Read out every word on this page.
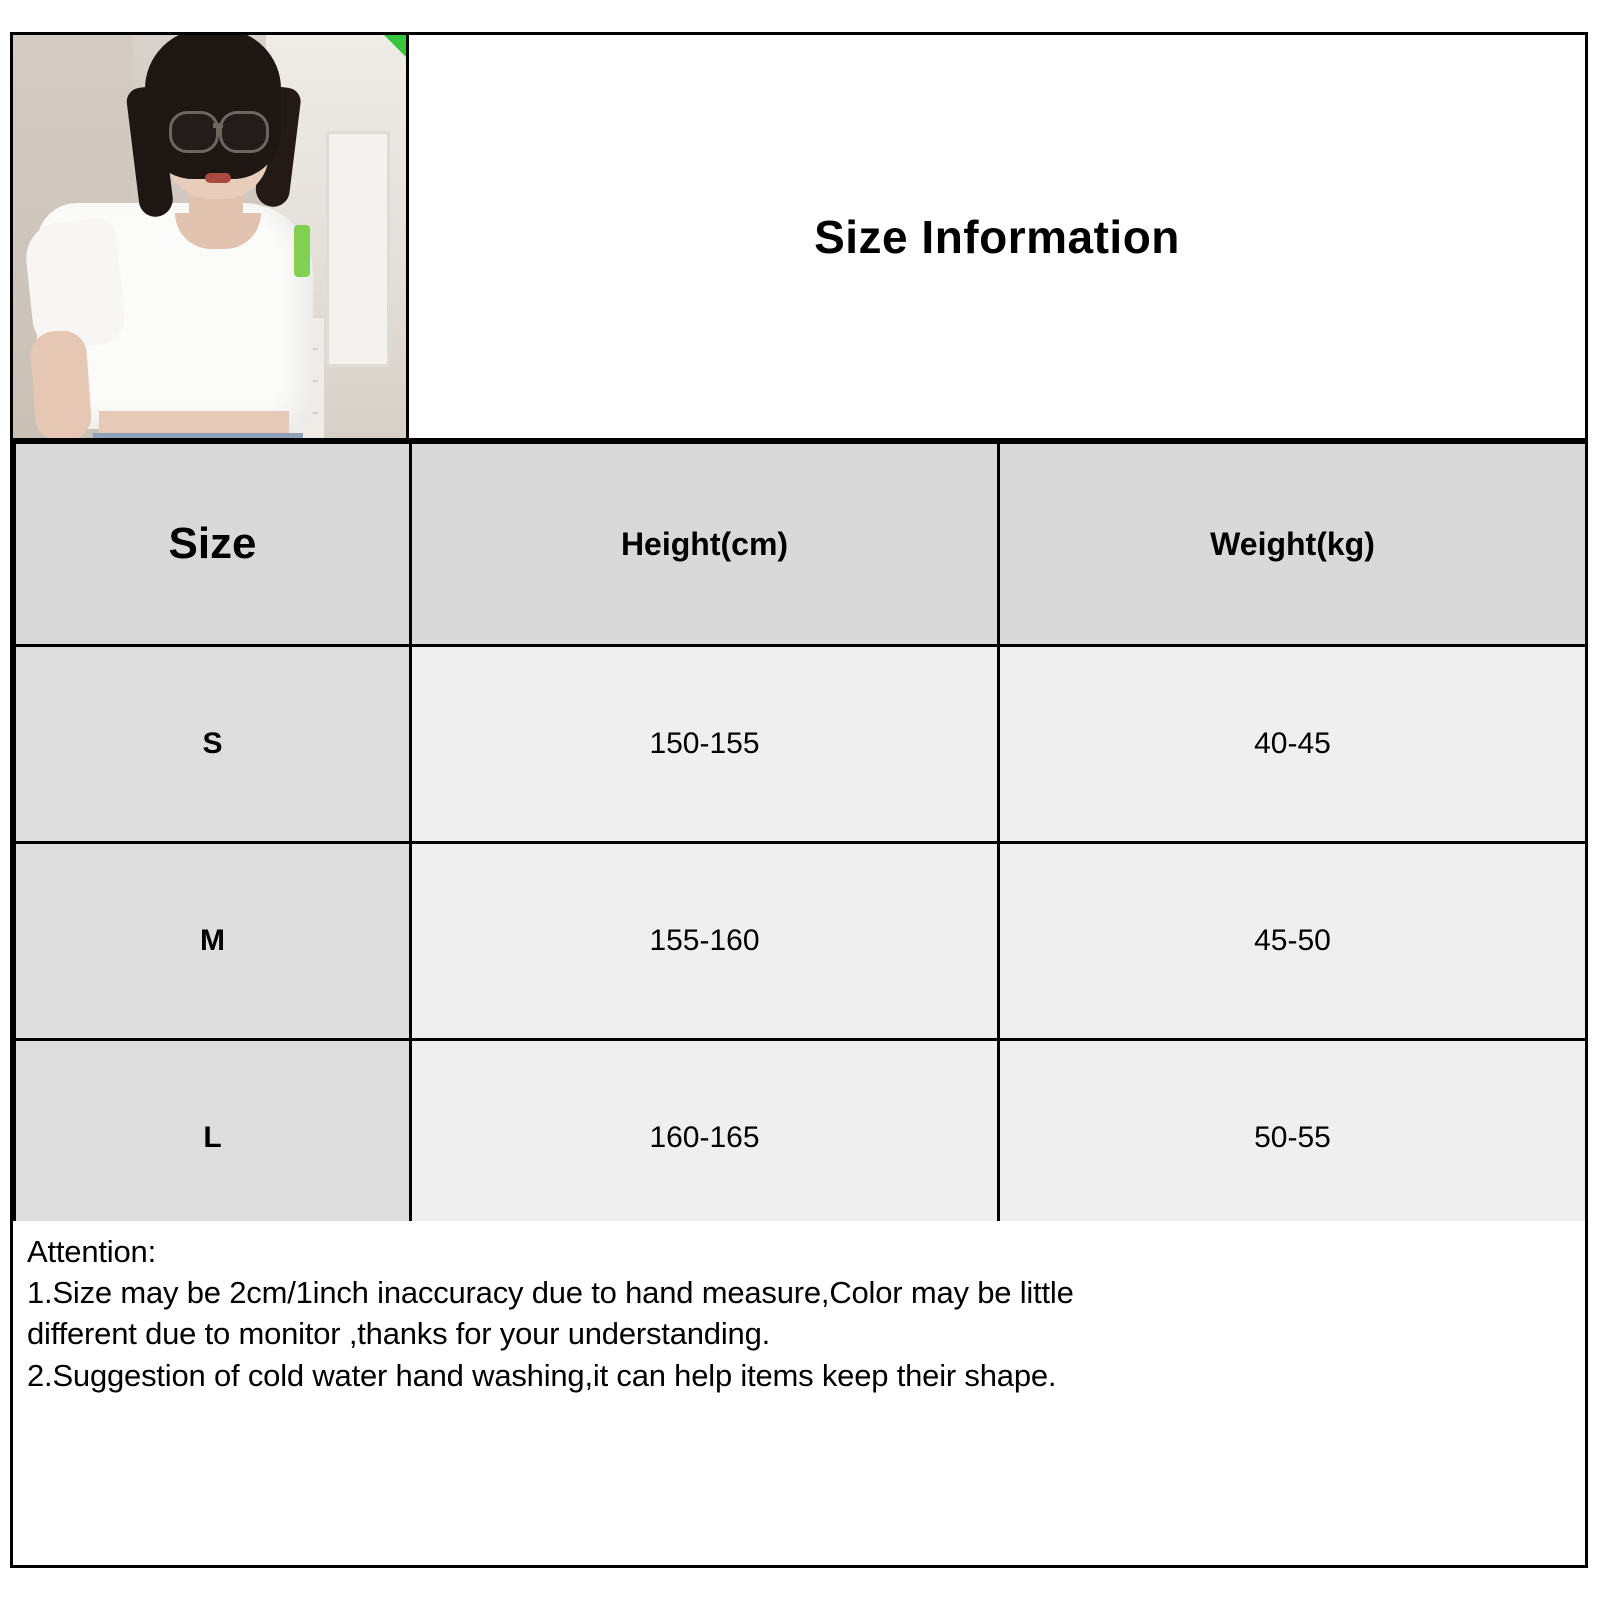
Size Information
Size	Height(cm)	Weight(kg)
S	150-155	40-45
M	155-160	45-50
L	160-165	50-55
Attention:
1.Size may be 2cm/1inch inaccuracy due to hand measure,Color may be little
different due to monitor ,thanks for your understanding.
2.Suggestion of cold water hand washing,it can help items keep their shape.
